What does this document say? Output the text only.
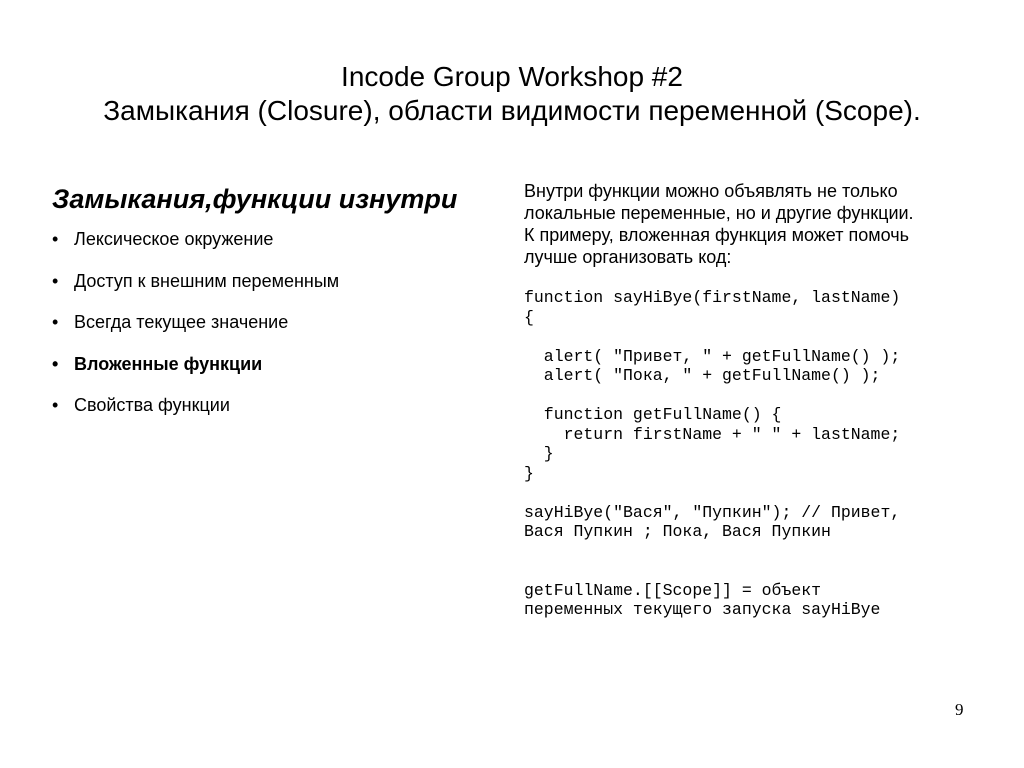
Incode Group Workshop #2
Замыкания (Closure), области видимости переменной (Scope).
Замыкания,функции изнутри
• Лексическое окружение
• Доступ к внешним переменным
• Всегда текущее значение
• Вложенные функции
• Свойства функции

Внутри функции можно объявлять не только
локальные переменные, но и другие функции.
К примеру, вложенная функция может помочь
лучше организовать код:

function sayHiBye(firstName, lastName)
{

alert( "Привет, " + getFullName() );
alert( "Пока, " + getFullName() );

function getFullName() {
return firstName + " " + lastName;
}
}

sayHiBye("Вася", "Пупкин"); // Привет,
Вася Пупкин ; Пока, Вася Пупкин

getFullName.[[Scope]] = объект
переменных текущего запуска sayHiBye
9
